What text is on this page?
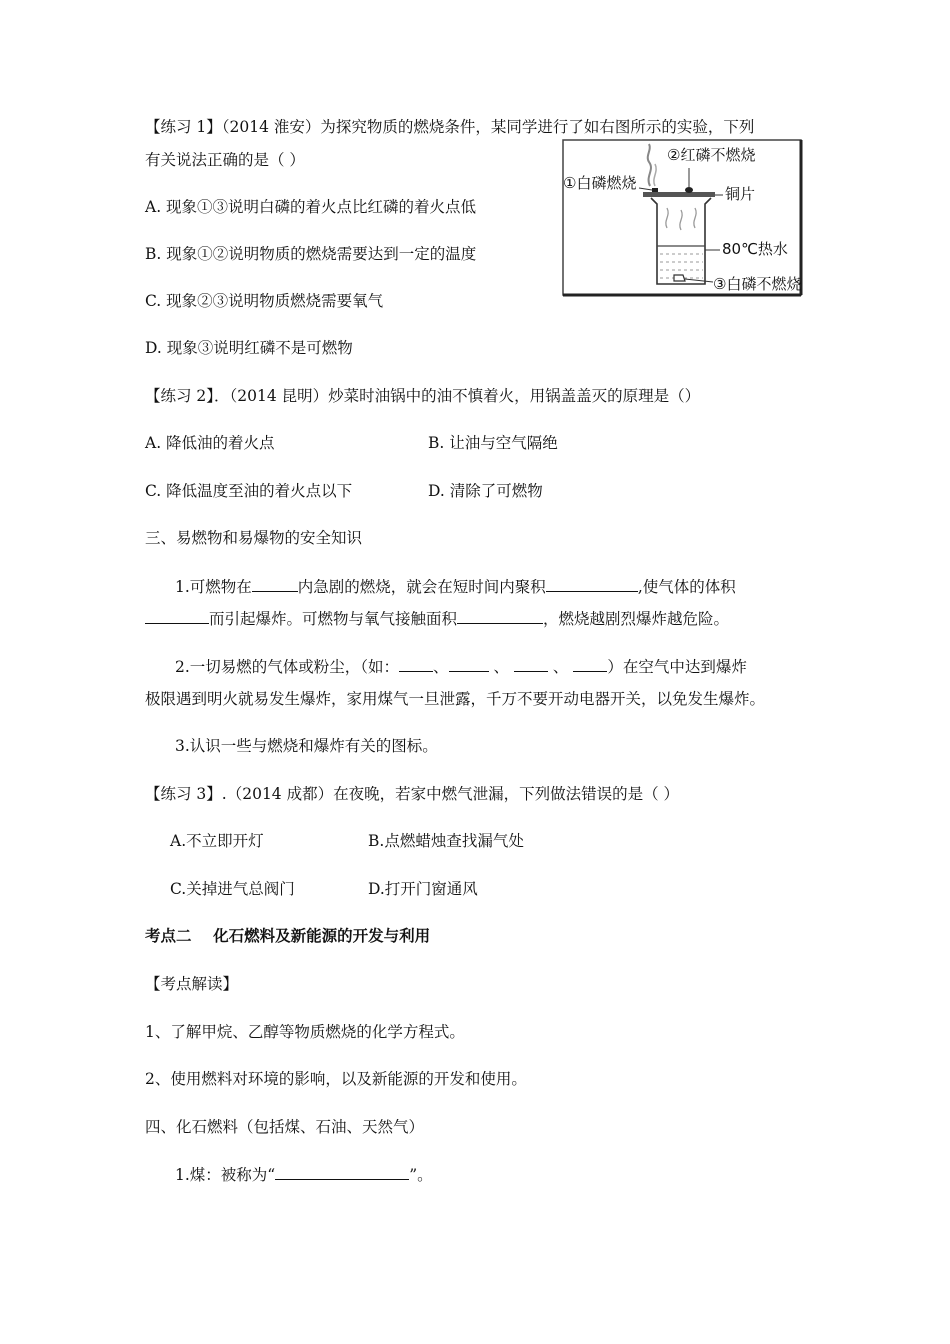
【练习 1】（2014 淮安）为探究物质的燃烧条件，某同学进行了如右图所示的实验，下列
有关说法正确的是（ ）
A. 现象①③说明白磷的着火点比红磷的着火点低
B. 现象①②说明物质的燃烧需要达到一定的温度
C. 现象②③说明物质燃烧需要氧气
D. 现象③说明红磷不是可燃物
①白磷燃烧
②红磷不燃烧
铜片
80℃热水
③白磷不燃烧
【练习 2】．（2014 昆明）炒菜时油锅中的油不慎着火，用锅盖盖灭的原理是（）
A. 降低油的着火点	B. 让油与空气隔绝
C. 降低温度至油的着火点以下	D. 清除了可燃物
三、易燃物和易爆物的安全知识
1.可燃物在	内急剧的燃烧，就会在短时间内聚积	,使气体的体积
而引起爆炸。可燃物与氧气接触面积	，燃烧越剧烈爆炸越危险。
2.一切易燃的气体或粉尘，（如： 、	、	、	）在空气中达到爆炸
极限遇到明火就易发生爆炸，家用煤气一旦泄露，千万不要开动电器开关，以免发生爆炸。
3.认识一些与燃烧和爆炸有关的图标。
【练习 3】.（2014 成都）在夜晚，若家中燃气泄漏，下列做法错误的是（ ）
A.不立即开灯	B.点燃蜡烛查找漏气处
C.关掉进气总阀门	D.打开门窗通风
考点二    化石燃料及新能源的开发与利用
【考点解读】
1、了解甲烷、乙醇等物质燃烧的化学方程式。
2、使用燃料对环境的影响，以及新能源的开发和使用。
四、化石燃料（包括煤、石油、天然气）
1.煤：被称为“	”。
